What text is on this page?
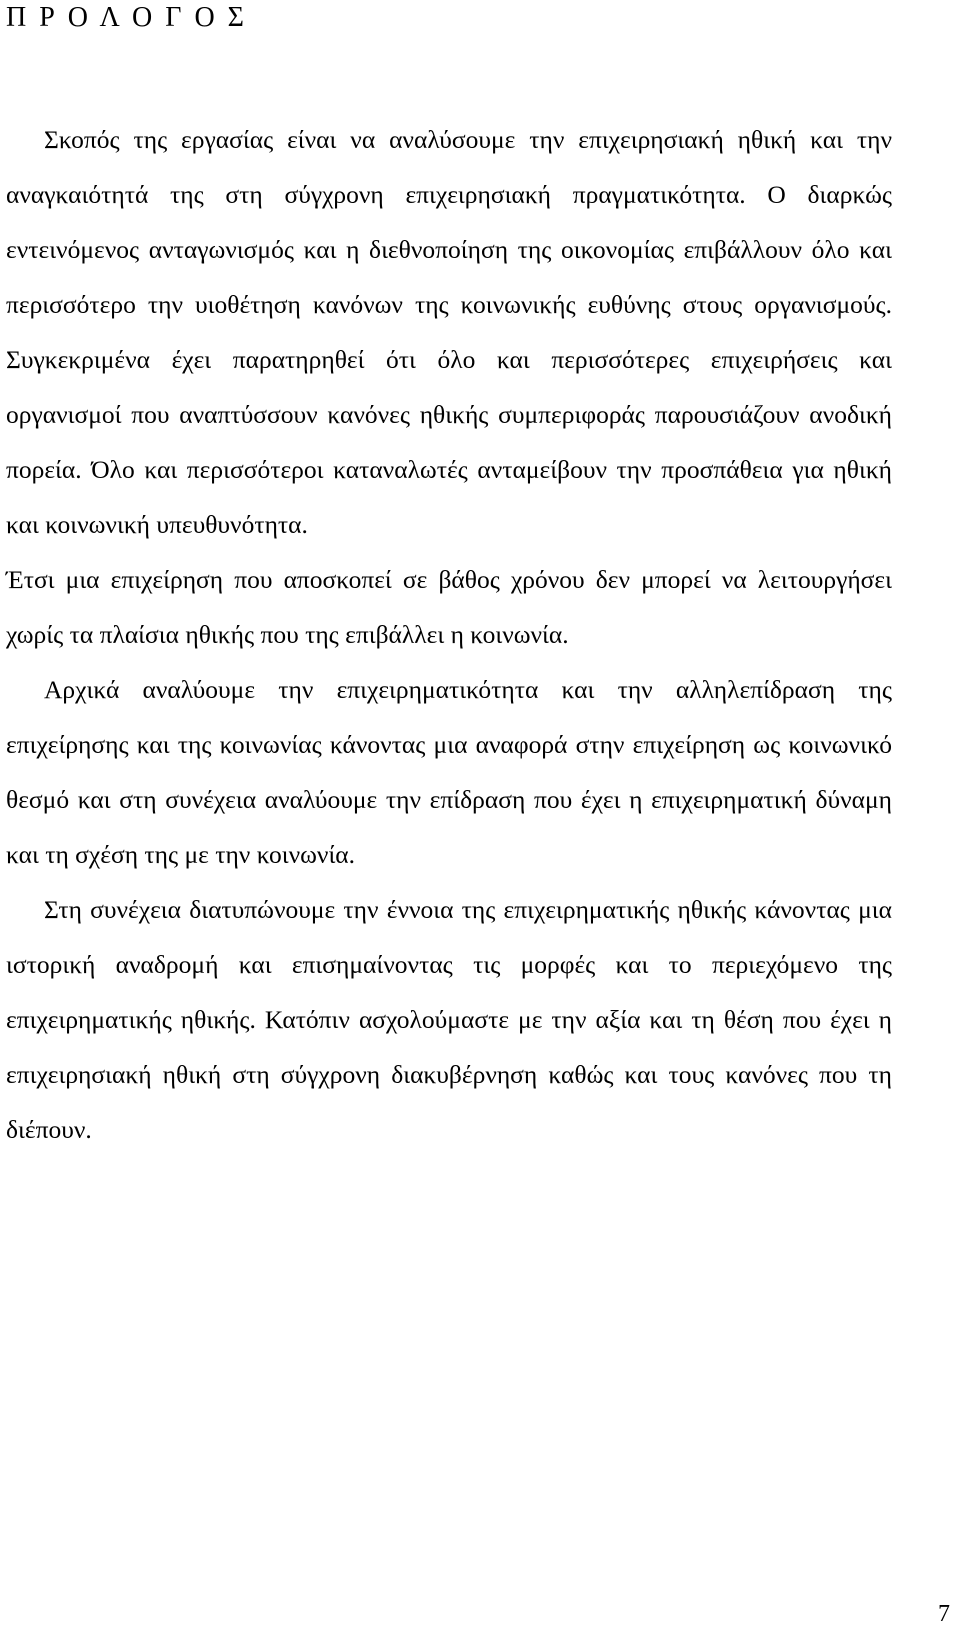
Π Ρ Ο Λ Ο Γ Ο Σ

Σκοπός της εργασίας είναι να αναλύσουμε την επιχειρησιακή ηθική και την αναγκαιότητά της στη σύγχρονη επιχειρησιακή πραγματικότητα. Ο διαρκώς εντεινόμενος ανταγωνισμός και η διεθνοποίηση της οικονομίας επιβάλλουν όλο και περισσότερο την υιοθέτηση κανόνων της κοινωνικής ευθύνης στους οργανισμούς. Συγκεκριμένα έχει παρατηρηθεί ότι όλο και περισσότερες επιχειρήσεις και οργανισμοί που αναπτύσσουν κανόνες ηθικής συμπεριφοράς παρουσιάζουν ανοδική πορεία. Όλο και περισσότεροι καταναλωτές ανταμείβουν την προσπάθεια για ηθική και κοινωνική υπευθυνότητα.

Έτσι μια επιχείρηση που αποσκοπεί σε βάθος χρόνου δεν μπορεί να λειτουργήσει χωρίς τα πλαίσια ηθικής που της επιβάλλει η κοινωνία.

Αρχικά αναλύουμε την επιχειρηματικότητα και την αλληλεπίδραση της επιχείρησης και της κοινωνίας κάνοντας μια αναφορά στην επιχείρηση ως κοινωνικό θεσμό και στη συνέχεια αναλύουμε την επίδραση που έχει η επιχειρηματική δύναμη και τη σχέση της με την κοινωνία.

Στη συνέχεια διατυπώνουμε την έννοια της επιχειρηματικής ηθικής κάνοντας μια ιστορική αναδρομή και επισημαίνοντας τις μορφές και το περιεχόμενο της επιχειρηματικής ηθικής. Κατόπιν ασχολούμαστε με την αξία και τη θέση που έχει η επιχειρησιακή ηθική στη σύγχρονη διακυβέρνηση καθώς και τους κανόνες που τη διέπουν.

7
